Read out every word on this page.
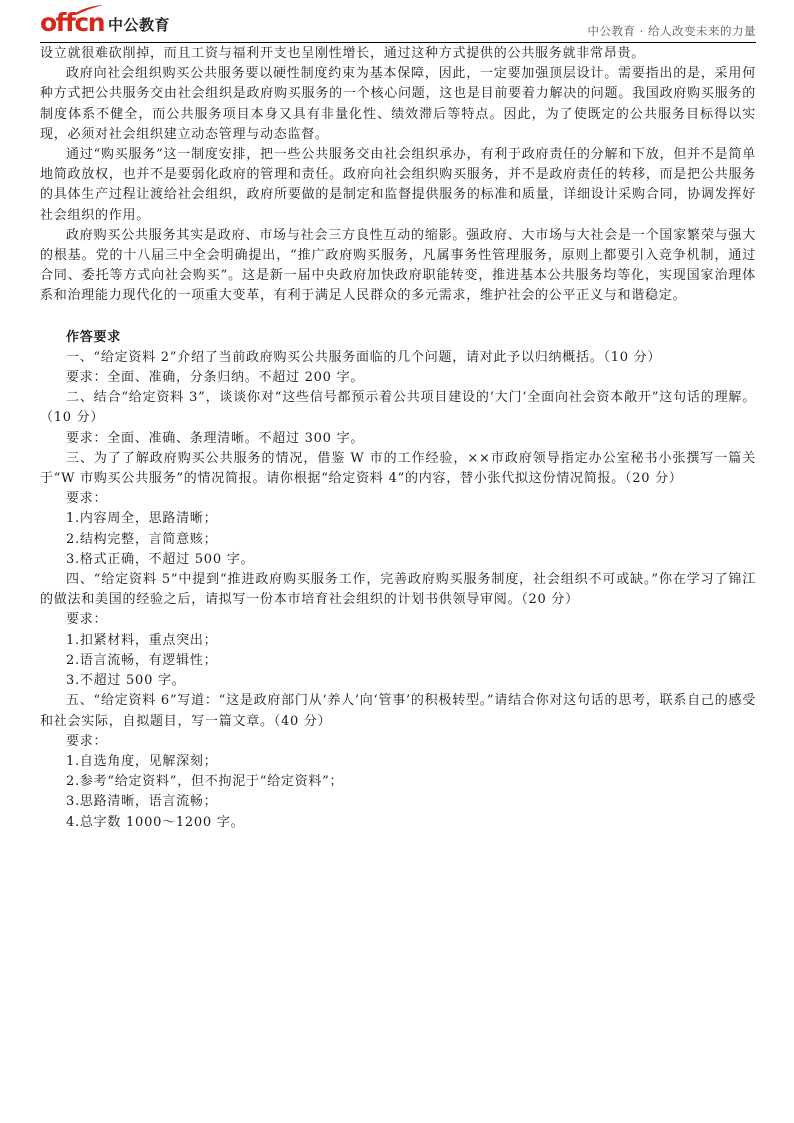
offcn 中公教育	中公教育 · 给人改变未来的力量

设立就很难砍削掉，而且工资与福利开支也呈刚性增长，通过这种方式提供的公共服务就非常昂贵。

政府向社会组织购买公共服务要以硬性制度约束为基本保障，因此，一定要加强顶层设计。需要指出的是，采用何种方式把公共服务交由社会组织是政府购买服务的一个核心问题，这也是目前要着力解决的问题。我国政府购买服务的制度体系不健全，而公共服务项目本身又具有非量化性、绩效滞后等特点。因此，为了使既定的公共服务目标得以实现，必须对社会组织建立动态管理与动态监督。

通过“购买服务”这一制度安排，把一些公共服务交由社会组织承办，有利于政府责任的分解和下放，但并不是简单地简政放权，也并不是要弱化政府的管理和责任。政府向社会组织购买服务，并不是政府责任的转移，而是把公共服务的具体生产过程让渡给社会组织，政府所要做的是制定和监督提供服务的标准和质量，详细设计采购合同，协调发挥好社会组织的作用。

政府购买公共服务其实是政府、市场与社会三方良性互动的缩影。强政府、大市场与大社会是一个国家繁荣与强大的根基。党的十八届三中全会明确提出，“推广政府购买服务，凡属事务性管理服务，原则上都要引入竞争机制，通过合同、委托等方式向社会购买”。这是新一届中央政府加快政府职能转变，推进基本公共服务均等化，实现国家治理体系和治理能力现代化的一项重大变革，有利于满足人民群众的多元需求，维护社会的公平正义与和谐稳定。

作答要求

一、“给定资料 2”介绍了当前政府购买公共服务面临的几个问题，请对此予以归纳概括。（10 分）

要求：全面、准确，分条归纳。不超过 200 字。

二、结合“给定资料 3”，谈谈你对“这些信号都预示着公共项目建设的‘大门’全面向社会资本敞开”这句话的理解。（10 分）

要求：全面、准确、条理清晰。不超过 300 字。

三、为了了解政府购买公共服务的情况，借鉴 W 市的工作经验，××市政府领导指定办公室秘书小张撰写一篇关于“W 市购买公共服务”的情况简报。请你根据“给定资料 4”的内容，替小张代拟这份情况简报。（20 分）

要求：

1.内容周全，思路清晰；

2.结构完整，言简意赅；

3.格式正确，不超过 500 字。

四、“给定资料 5”中提到“推进政府购买服务工作，完善政府购买服务制度，社会组织不可或缺。”你在学习了锦江的做法和美国的经验之后，请拟写一份本市培育社会组织的计划书供领导审阅。（20 分）

要求：

1.扣紧材料，重点突出；

2.语言流畅，有逻辑性；

3.不超过 500 字。

五、“给定资料 6”写道：“这是政府部门从‘养人’向‘管事’的积极转型。”请结合你对这句话的思考，联系自己的感受和社会实际，自拟题目，写一篇文章。（40 分）

要求：

1.自选角度，见解深刻；

2.参考“给定资料”，但不拘泥于“给定资料”；

3.思路清晰，语言流畅；

4.总字数 1000～1200 字。
